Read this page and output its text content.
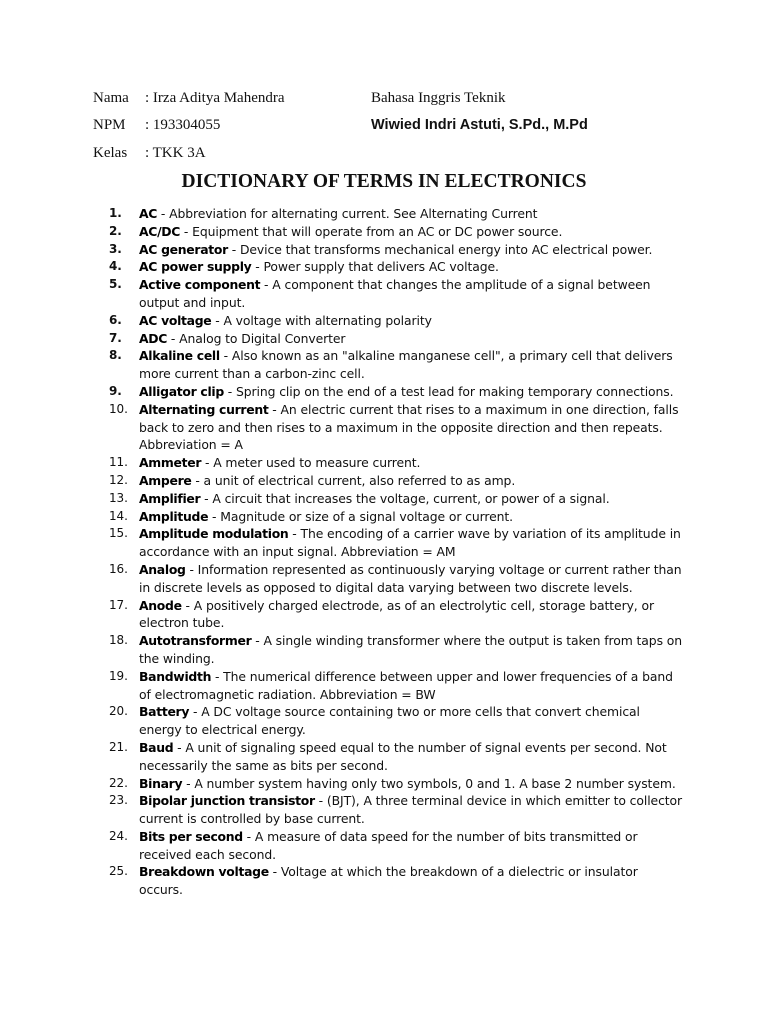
Nama : Irza Aditya Mahendra	Bahasa Inggris Teknik
NPM : 193304055	Wiwied Indri Astuti, S.Pd., M.Pd
Kelas : TKK 3A
DICTIONARY OF TERMS IN ELECTRONICS
1.	AC - Abbreviation for alternating current. See Alternating Current
2.	AC/DC - Equipment that will operate from an AC or DC power source.
3.	AC generator - Device that transforms mechanical energy into AC electrical power.
4.	AC power supply - Power supply that delivers AC voltage.
5.	Active component - A component that changes the amplitude of a signal between output and input.
6.	AC voltage - A voltage with alternating polarity
7.	ADC - Analog to Digital Converter
8.	Alkaline cell - Also known as an "alkaline manganese cell", a primary cell that delivers more current than a carbon-zinc cell.
9.	Alligator clip - Spring clip on the end of a test lead for making temporary connections.
10. Alternating current - An electric current that rises to a maximum in one direction, falls back to zero and then rises to a maximum in the opposite direction and then repeats. Abbreviation = A
11. Ammeter - A meter used to measure current.
12. Ampere - a unit of electrical current, also referred to as amp.
13. Amplifier - A circuit that increases the voltage, current, or power of a signal.
14. Amplitude - Magnitude or size of a signal voltage or current.
15. Amplitude modulation - The encoding of a carrier wave by variation of its amplitude in accordance with an input signal. Abbreviation = AM
16. Analog - Information represented as continuously varying voltage or current rather than in discrete levels as opposed to digital data varying between two discrete levels.
17. Anode - A positively charged electrode, as of an electrolytic cell, storage battery, or electron tube.
18. Autotransformer - A single winding transformer where the output is taken from taps on the winding.
19. Bandwidth - The numerical difference between upper and lower frequencies of a band of electromagnetic radiation. Abbreviation = BW
20. Battery - A DC voltage source containing two or more cells that convert chemical energy to electrical energy.
21. Baud - A unit of signaling speed equal to the number of signal events per second. Not necessarily the same as bits per second.
22. Binary - A number system having only two symbols, 0 and 1. A base 2 number system.
23. Bipolar junction transistor - (BJT), A three terminal device in which emitter to collector current is controlled by base current.
24. Bits per second - A measure of data speed for the number of bits transmitted or received each second.
25. Breakdown voltage - Voltage at which the breakdown of a dielectric or insulator occurs.
